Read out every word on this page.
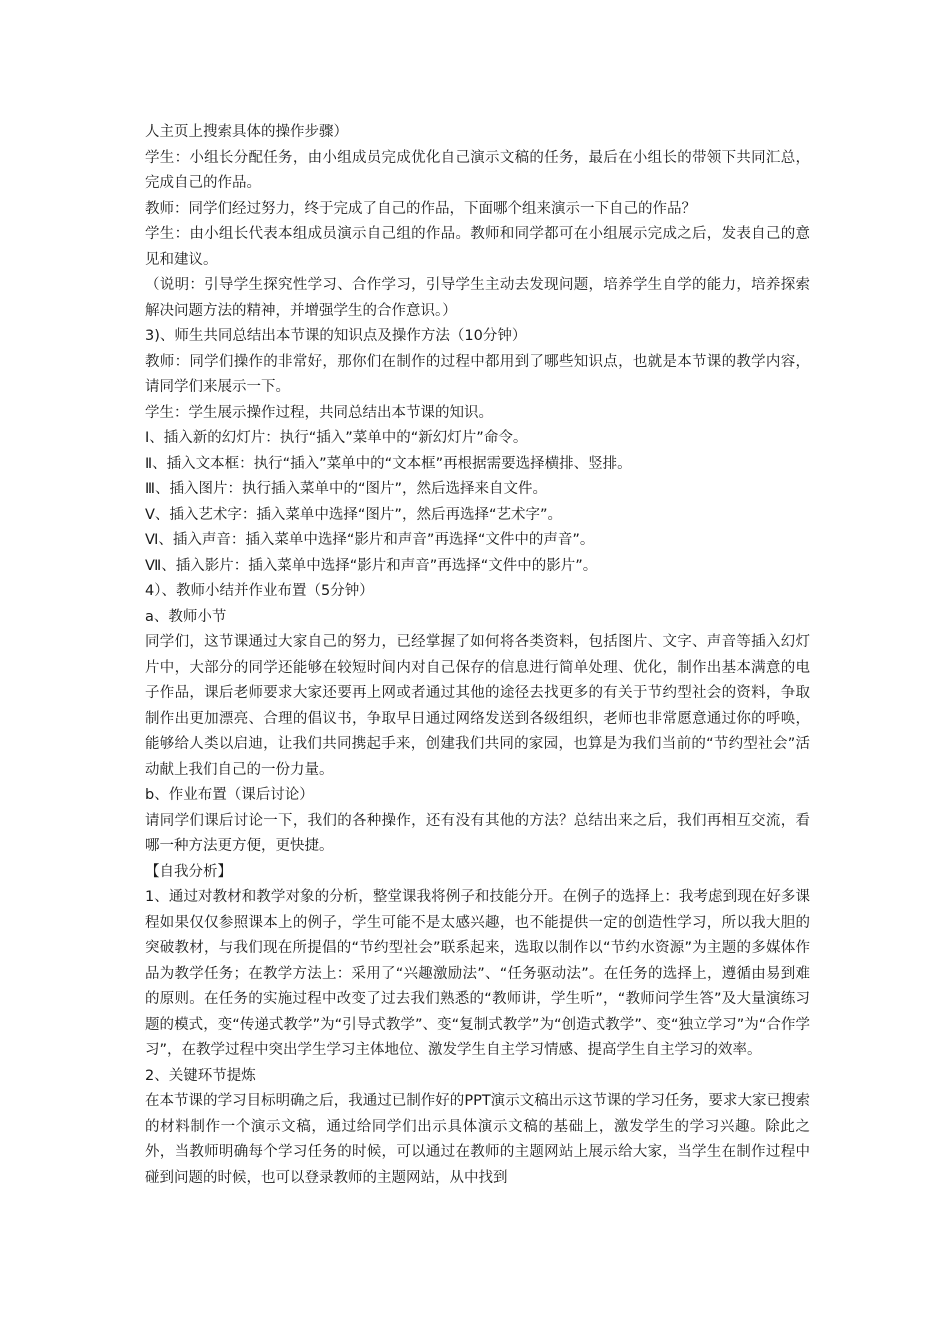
人主页上搜索具体的操作步骤）

学生：小组长分配任务，由小组成员完成优化自己演示文稿的任务，最后在小组长的带领下共同汇总，完成自己的作品。

教师：同学们经过努力，终于完成了自己的作品，下面哪个组来演示一下自己的作品？

学生：由小组长代表本组成员演示自己组的作品。教师和同学都可在小组展示完成之后，发表自己的意见和建议。

（说明：引导学生探究性学习、合作学习，引导学生主动去发现问题，培养学生自学的能力，培养探索解决问题方法的精神，并增强学生的合作意识。）

3)、师生共同总结出本节课的知识点及操作方法（10分钟）

教师：同学们操作的非常好，那你们在制作的过程中都用到了哪些知识点，也就是本节课的教学内容，请同学们来展示一下。

学生：学生展示操作过程，共同总结出本节课的知识。

Ⅰ、插入新的幻灯片：执行“插入”菜单中的“新幻灯片”命令。

Ⅱ、插入文本框：执行“插入”菜单中的“文本框”再根据需要选择横排、竖排。

Ⅲ、插入图片：执行插入菜单中的“图片”，然后选择来自文件。

Ⅴ、插入艺术字：插入菜单中选择“图片”，然后再选择“艺术字”。

Ⅵ、插入声音：插入菜单中选择“影片和声音”再选择“文件中的声音”。

Ⅶ、插入影片：插入菜单中选择“影片和声音”再选择“文件中的影片”。

4）、教师小结并作业布置（5分钟）

a、教师小节

同学们，这节课通过大家自己的努力，已经掌握了如何将各类资料，包括图片、文字、声音等插入幻灯片中，大部分的同学还能够在较短时间内对自己保存的信息进行简单处理、优化，制作出基本满意的电子作品，课后老师要求大家还要再上网或者通过其他的途径去找更多的有关于节约型社会的资料，争取制作出更加漂亮、合理的倡议书，争取早日通过网络发送到各级组织，老师也非常愿意通过你的呼唤，能够给人类以启迪，让我们共同携起手来，创建我们共同的家园，也算是为我们当前的“节约型社会”活动献上我们自己的一份力量。

b、作业布置（课后讨论）

请同学们课后讨论一下，我们的各种操作，还有没有其他的方法？总结出来之后，我们再相互交流，看哪一种方法更方便，更快捷。

【自我分析】

1、通过对教材和教学对象的分析，整堂课我将例子和技能分开。在例子的选择上：我考虑到现在好多课程如果仅仅参照课本上的例子，学生可能不是太感兴趣，也不能提供一定的创造性学习，所以我大胆的突破教材，与我们现在所提倡的“节约型社会”联系起来，选取以制作以“节约水资源”为主题的多媒体作品为教学任务；在教学方法上：采用了“兴趣激励法”、“任务驱动法”。在任务的选择上，遵循由易到难的原则。在任务的实施过程中改变了过去我们熟悉的“教师讲，学生听”，“教师问学生答”及大量演练习题的模式，变“传递式教学”为“引导式教学”、变“复制式教学”为“创造式教学”、变“独立学习”为“合作学习”，在教学过程中突出学生学习主体地位、激发学生自主学习情感、提高学生自主学习的效率。

2、关键环节提炼

在本节课的学习目标明确之后，我通过已制作好的PPT演示文稿出示这节课的学习任务，要求大家已搜索的材料制作一个演示文稿，通过给同学们出示具体演示文稿的基础上，激发学生的学习兴趣。除此之外，当教师明确每个学习任务的时候，可以通过在教师的主题网站上展示给大家，当学生在制作过程中碰到问题的时候，也可以登录教师的主题网站，从中找到
